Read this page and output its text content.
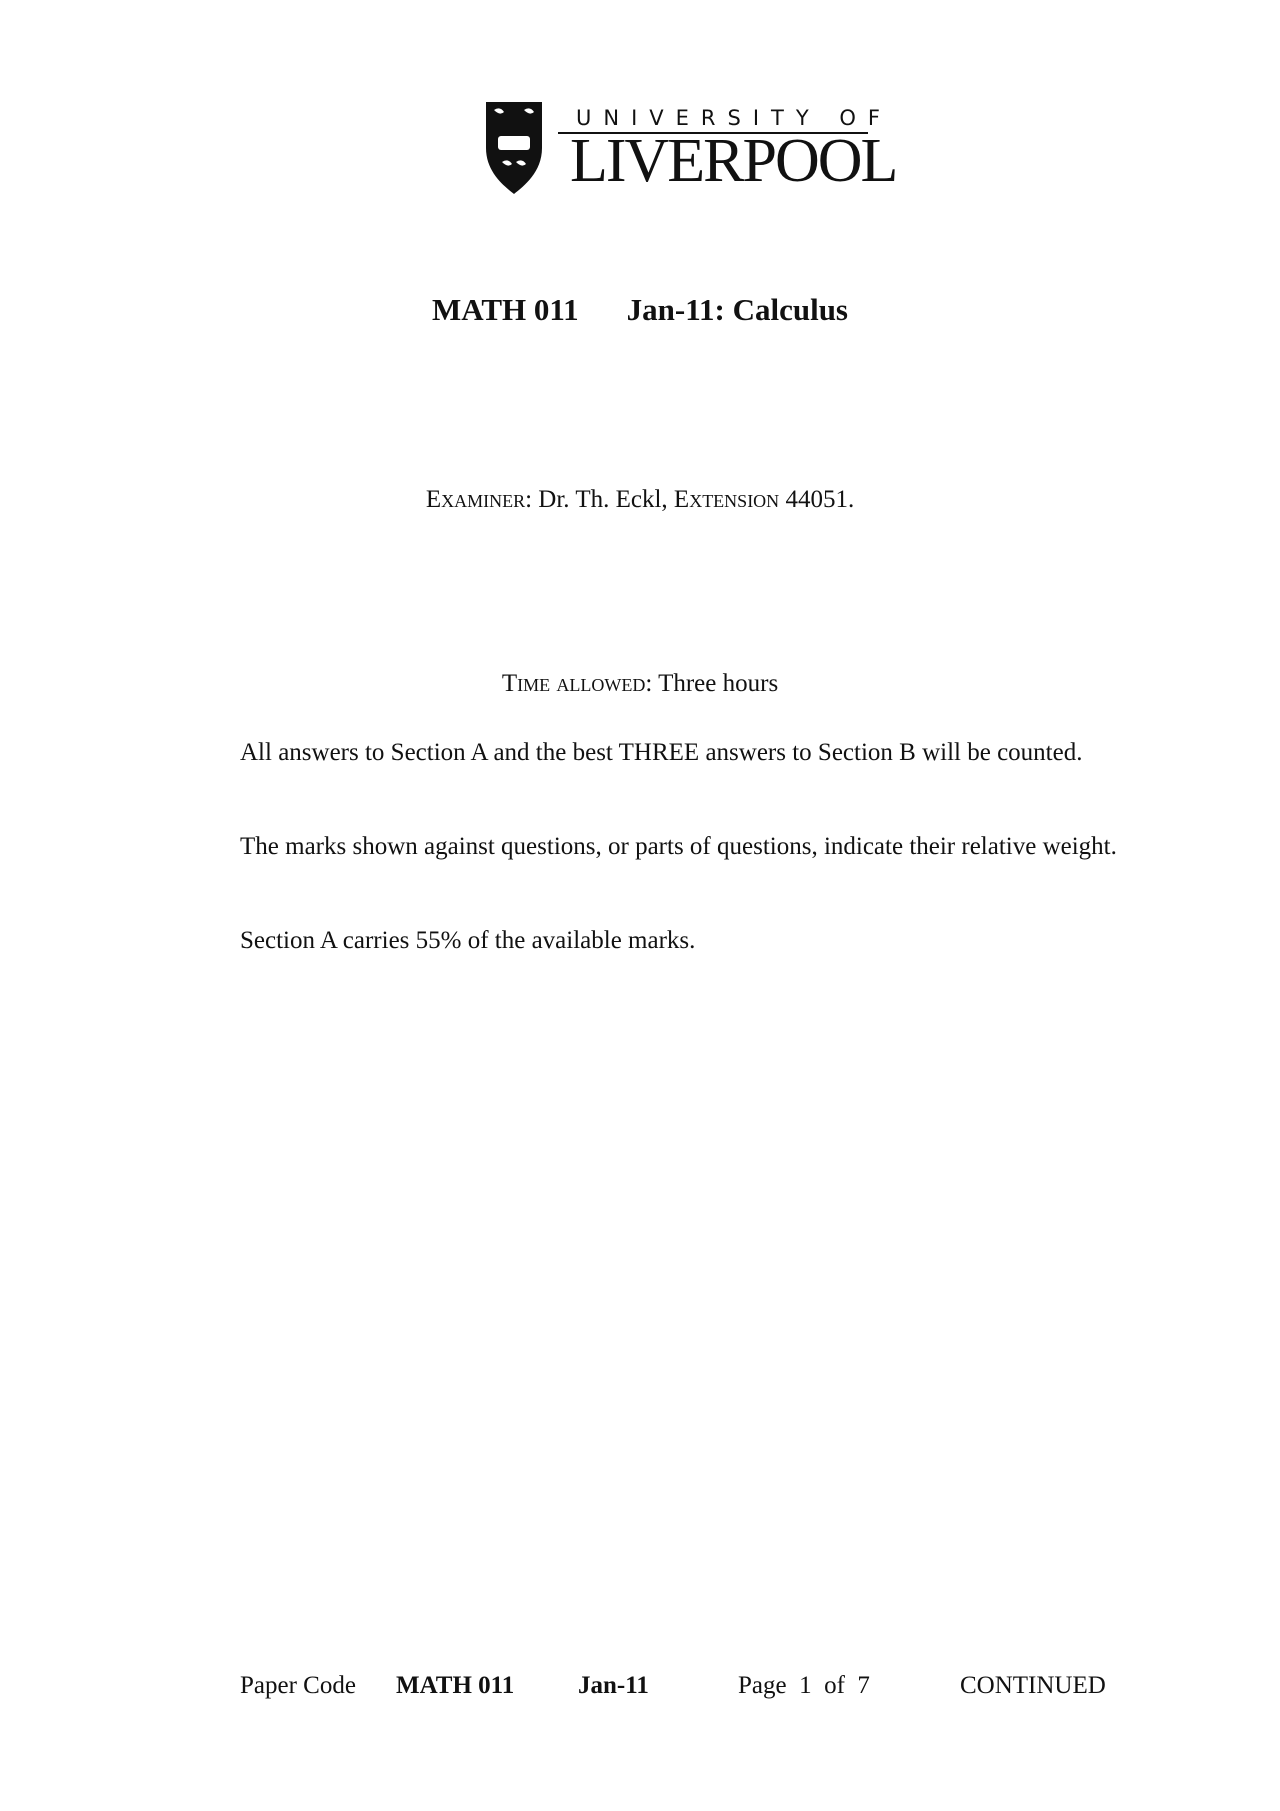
UNIVERSITY OF
LIVERPOOL
MATH 011 Jan-11: Calculus
Examiner: Dr. Th. Eckl, Extension 44051.
Time allowed: Three hours
All answers to Section A and the best THREE answers to Section B will be counted.
The marks shown against questions, or parts of questions, indicate their relative weight.
Section A carries 55% of the available marks.
Paper Code MATH 011	Jan-11	Page  1  of  7	CONTINUED
